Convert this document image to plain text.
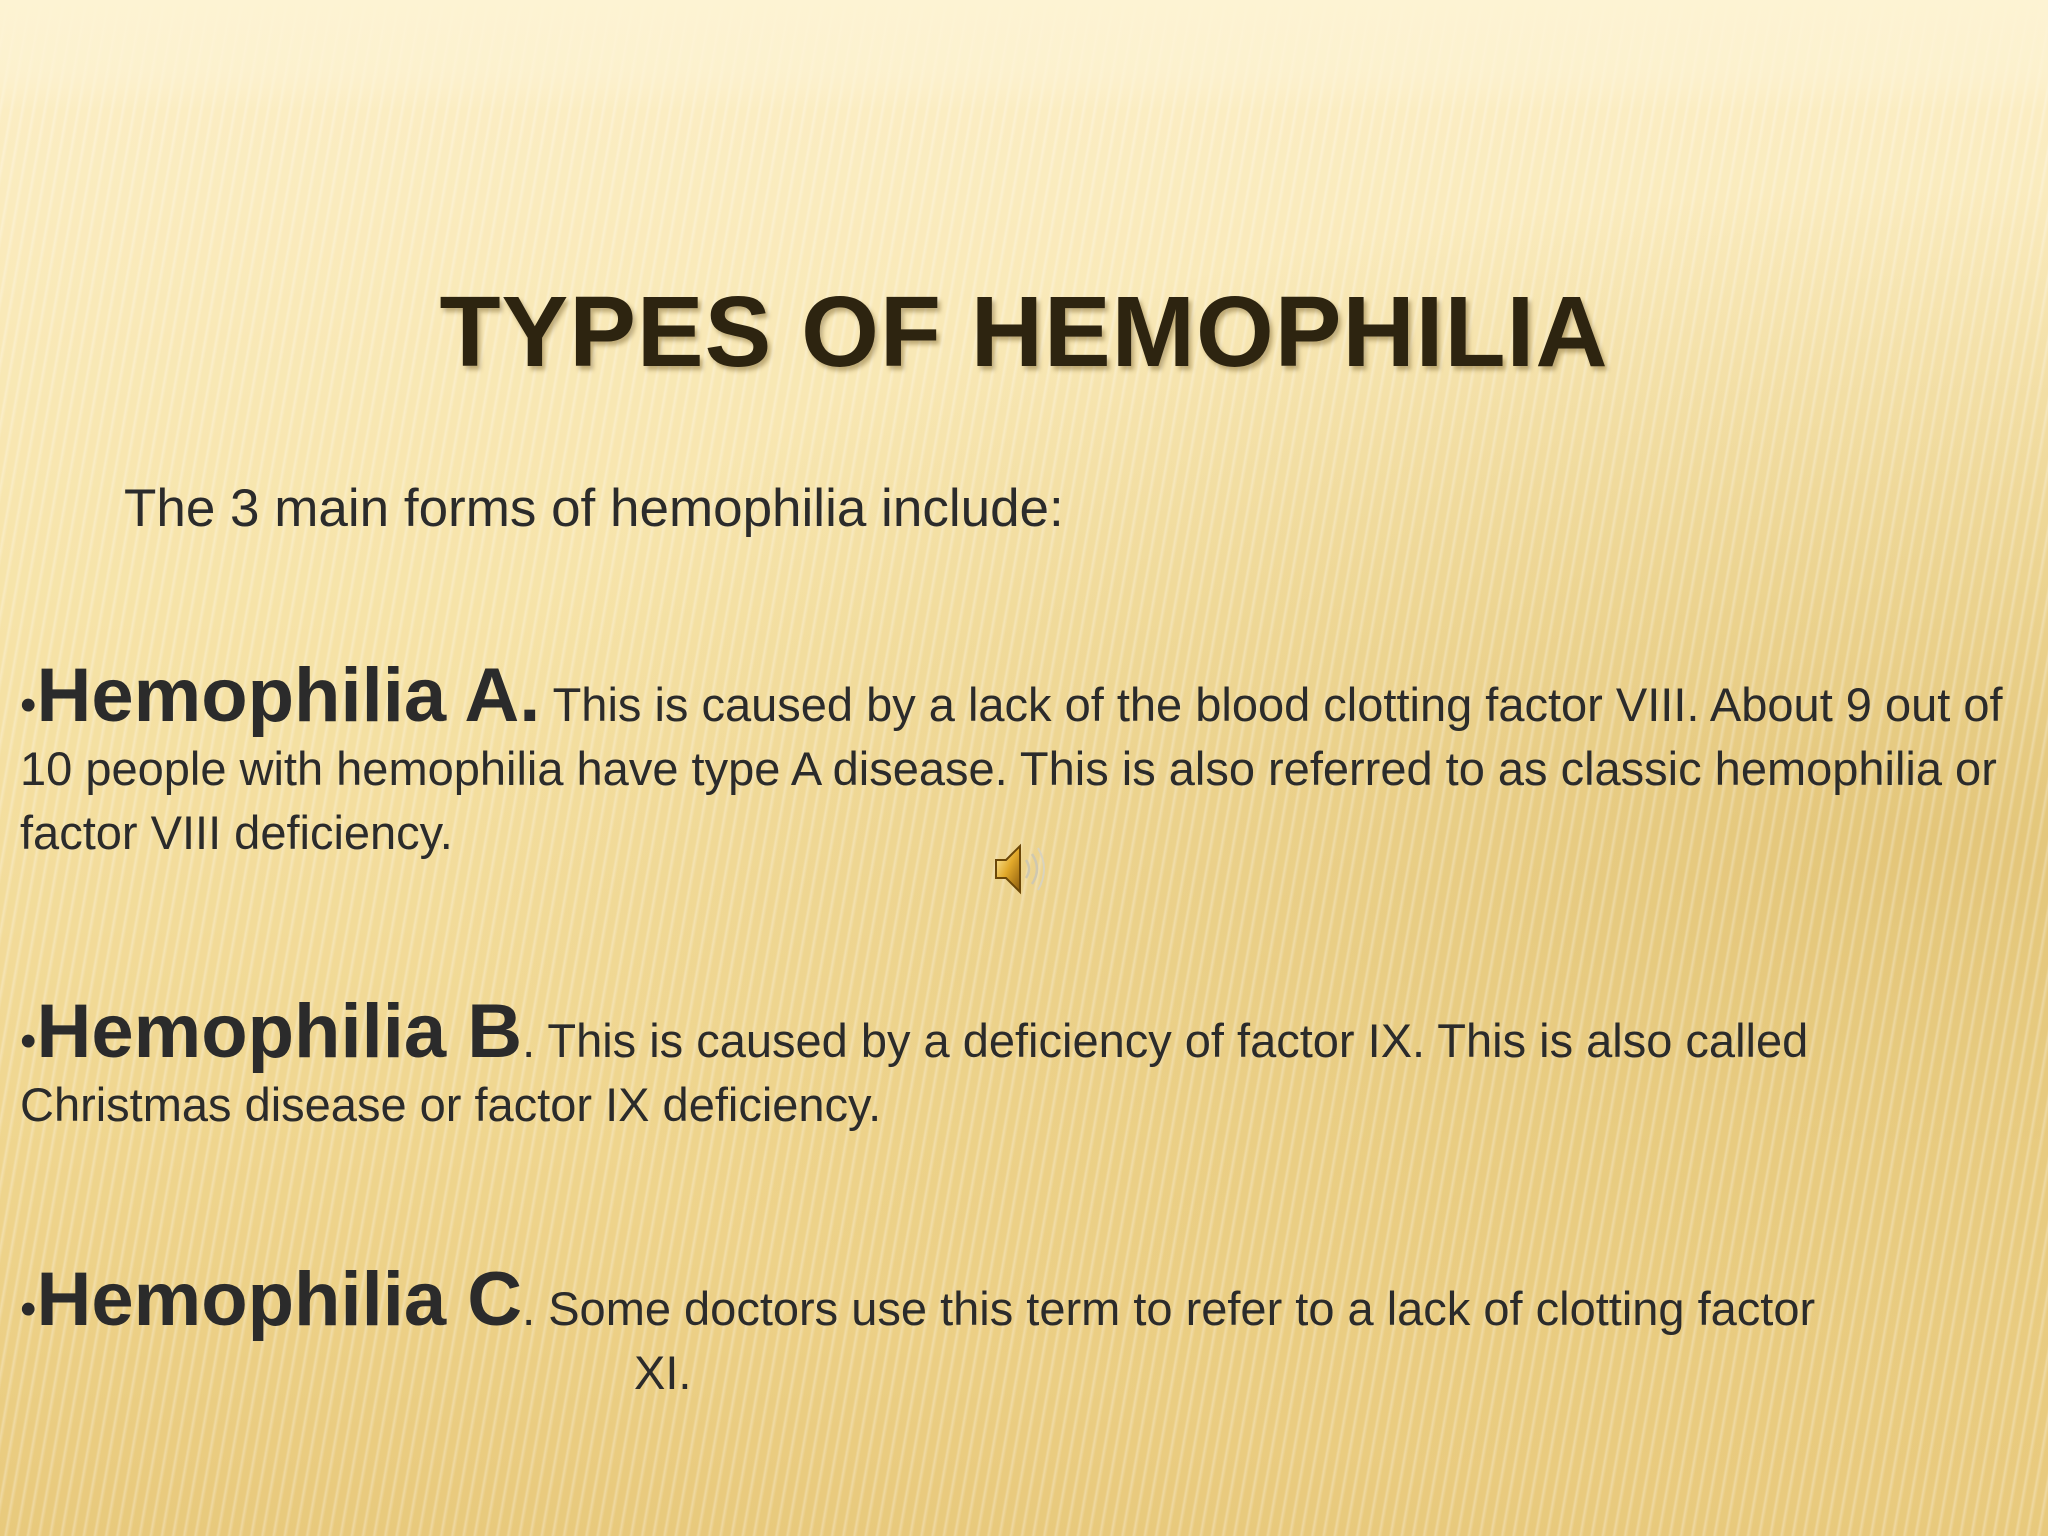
TYPES OF HEMOPHILIA

The 3 main forms of hemophilia include:

•Hemophilia A. This is caused by a lack of the blood clotting factor VIII. About 9 out of 10 people with hemophilia have type A disease. This is also referred to as classic hemophilia or factor VIII deficiency.

•Hemophilia B. This is caused by a deficiency of factor IX. This is also called Christmas disease or factor IX deficiency.

•Hemophilia C. Some doctors use this term to refer to a lack of clotting factor
XI.
